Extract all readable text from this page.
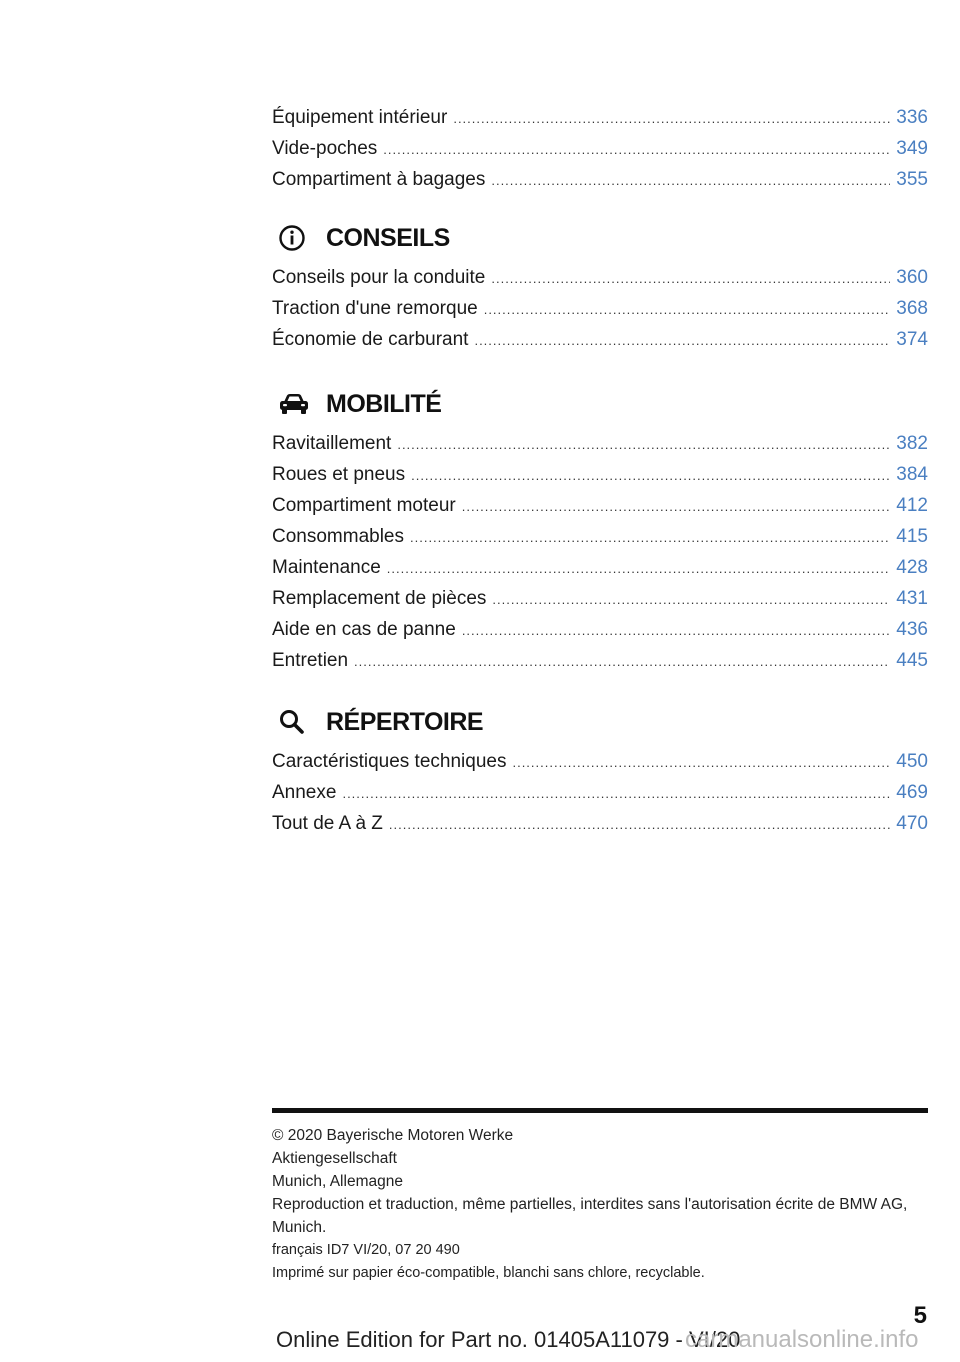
Équipement intérieur .....	336
Vide-poches .....	349
Compartiment à bagages .....	355
CONSEILS
Conseils pour la conduite .....	360
Traction d'une remorque .....	368
Économie de carburant .....	374
MOBILITÉ
Ravitaillement .....	382
Roues et pneus .....	384
Compartiment moteur .....	412
Consommables .....	415
Maintenance .....	428
Remplacement de pièces .....	431
Aide en cas de panne .....	436
Entretien .....	445
RÉPERTOIRE
Caractéristiques techniques .....	450
Annexe .....	469
Tout de A à Z .....	470
© 2020 Bayerische Motoren Werke
Aktiengesellschaft
Munich, Allemagne
Reproduction et traduction, même partielles, interdites sans l'autorisation écrite de BMW AG,
Munich.
français ID7 VI/20, 07 20 490
Imprimé sur papier éco-compatible, blanchi sans chlore, recyclable.
5
Online Edition for Part no. 01405A11079 - VI/20
carmanualsonline.info
